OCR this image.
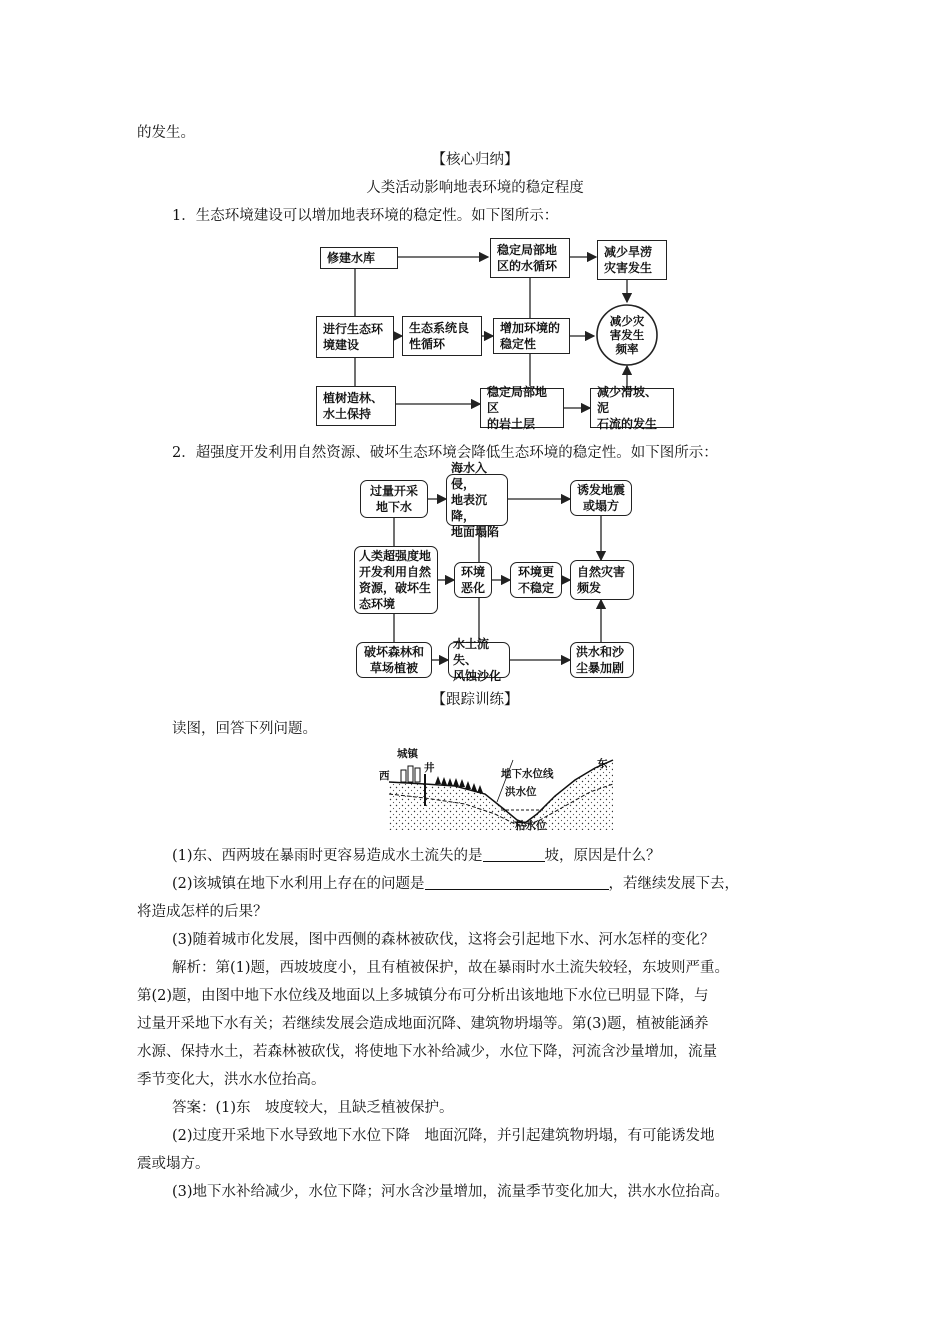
的发生。
【核心归纳】
人类活动影响地表环境的稳定程度
1．生态环境建设可以增加地表环境的稳定性。如下图所示：
修建水库
进行生态环
境建设
生态系统良
性循环
植树造林、
水土保持
稳定局部地
区的水循环
增加环境的
稳定性
稳定局部地区
的岩土层
减少旱涝
灾害发生
减少灾
害发生
频率
减少滑坡、泥
石流的发生
2．超强度开发利用自然资源、破坏生态环境会降低生态环境的稳定性。如下图所示：
过量开采
地下水
海水入侵，
地表沉降，
地面塌陷
诱发地震
或塌方
人类超强度地
开发利用自然
资源，破坏生
态环境
环境
恶化
环境更
不稳定
自然灾害
频发
破坏森林和
草场植被
水土流失、
风蚀沙化
洪水和沙
尘暴加剧
【跟踪训练】
读图，回答下列问题。
城镇
西
井	地下水位线
洪水位
枯水位
东
(1)东、西两坡在暴雨时更容易造成水土流失的是	坡，原因是什么？
(2)该城镇在地下水利用上存在的问题是	，若继续发展下去，
将造成怎样的后果？
(3)随着城市化发展，图中西侧的森林被砍伐，这将会引起地下水、河水怎样的变化？
解析：第(1)题，西坡坡度小，且有植被保护，故在暴雨时水土流失较轻，东坡则严重。
第(2)题，由图中地下水位线及地面以上多城镇分布可分析出该地地下水位已明显下降，与
过量开采地下水有关；若继续发展会造成地面沉降、建筑物坍塌等。第(3)题，植被能涵养
水源、保持水土，若森林被砍伐，将使地下水补给减少，水位下降，河流含沙量增加，流量
季节变化大，洪水水位抬高。
答案：(1)东　坡度较大，且缺乏植被保护。
(2)过度开采地下水导致地下水位下降　地面沉降，并引起建筑物坍塌，有可能诱发地
震或塌方。
(3)地下水补给减少，水位下降；河水含沙量增加，流量季节变化加大，洪水水位抬高。
